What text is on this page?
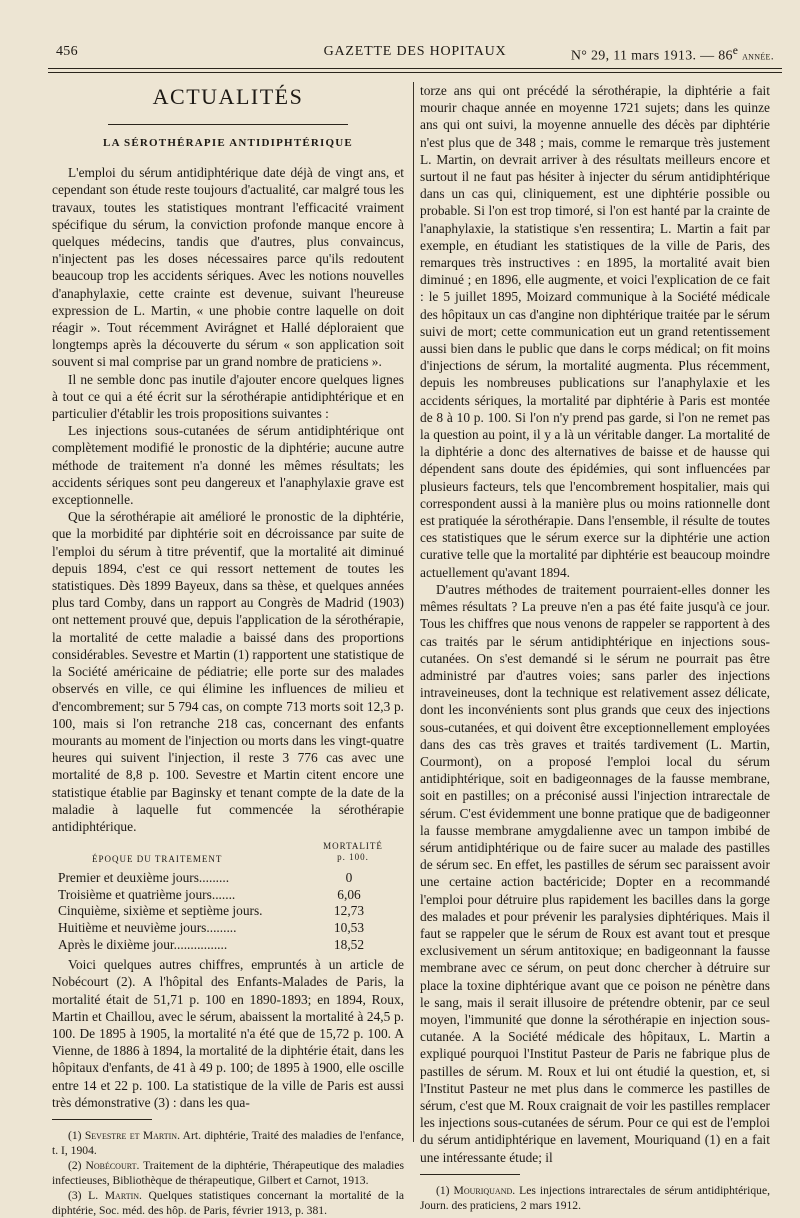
456	GAZETTE DES HOPITAUX	N° 29, 11 mars 1913. — 86e année.
ACTUALITÉS
LA SÉROTHÉRAPIE ANTIDIPHTÉRIQUE

L'emploi du sérum antidiphtérique date déjà de vingt ans, et cependant son étude reste toujours d'actualité, car malgré tous les travaux, toutes les statistiques montrant l'efficacité vraiment spécifique du sérum, la conviction profonde manque encore à quelques médecins, tandis que d'autres, plus convaincus, n'injectent pas les doses nécessaires parce qu'ils redoutent beaucoup trop les accidents sériques. Avec les notions nouvelles d'anaphylaxie, cette crainte est devenue, suivant l'heureuse expression de L. Martin, « une phobie contre laquelle on doit réagir ». Tout récemment Avirágnet et Hallé déploraient que longtemps après la découverte du sérum « son application soit souvent si mal comprise par un grand nombre de praticiens ».

Il ne semble donc pas inutile d'ajouter encore quelques lignes à tout ce qui a été écrit sur la sérothérapie antidiphtérique et en particulier d'établir les trois propositions suivantes :

Les injections sous-cutanées de sérum antidiphtérique ont complètement modifié le pronostic de la diphtérie; aucune autre méthode de traitement n'a donné les mêmes résultats; les accidents sériques sont peu dangereux et l'anaphylaxie grave est exceptionnelle.

Que la sérothérapie ait amélioré le pronostic de la diphtérie, que la morbidité par diphtérie soit en décroissance par suite de l'emploi du sérum à titre préventif, que la mortalité ait diminué depuis 1894, c'est ce qui ressort nettement de toutes les statistiques. Dès 1899 Bayeux, dans sa thèse, et quelques années plus tard Comby, dans un rapport au Congrès de Madrid (1903) ont nettement prouvé que, depuis l'application de la sérothérapie, la mortalité de cette maladie a baissé dans des proportions considérables. Sevestre et Martin (1) rapportent une statistique de la Société américaine de pédiatrie; elle porte sur des malades observés en ville, ce qui élimine les influences de milieu et d'encombrement; sur 5 794 cas, on compte 713 morts soit 12,3 p. 100, mais si l'on retranche 218 cas, concernant des enfants mourants au moment de l'injection ou morts dans les vingt-quatre heures qui suivent l'injection, il reste 3 776 cas avec une mortalité de 8,8 p. 100. Sevestre et Martin citent encore une statistique établie par Baginsky et tenant compte de la date de la maladie à laquelle fut commencée la sérothérapie antidiphtérique.

ÉPOQUE DU TRAITEMENT
MORTALITÉ
p. 100.
Premier et deuxième jours.........	0
Troisième et quatrième jours.......	6,06
Cinquième, sixième et septième jours.	12,73
Huitième et neuvième jours.........	10,53
Après le dixième jour................	18,52

Voici quelques autres chiffres, empruntés à un article de Nobécourt (2). A l'hôpital des Enfants-Malades de Paris, la mortalité était de 51,71 p. 100 en 1890-1893; en 1894, Roux, Martin et Chaillou, avec le sérum, abaissent la mortalité à 24,5 p. 100. De 1895 à 1905, la mortalité n'a été que de 15,72 p. 100. A Vienne, de 1886 à 1894, la mortalité de la diphtérie était, dans les hôpitaux d'enfants, de 41 à 49 p. 100; de 1895 à 1900, elle oscille entre 14 et 22 p. 100. La statistique de la ville de Paris est aussi très démonstrative (3) : dans les qua-

(1) Sevestre et Martin. Art. diphtérie, Traité des maladies de l'enfance, t. I, 1904.

(2) Nobécourt. Traitement de la diphtérie, Thérapeutique des maladies infectieuses, Bibliothèque de thérapeutique, Gilbert et Carnot, 1913.

(3) L. Martin. Quelques statistiques concernant la mortalité de la diphtérie, Soc. méd. des hôp. de Paris, février 1913, p. 381.

torze ans qui ont précédé la sérothérapie, la diphtérie a fait mourir chaque année en moyenne 1721 sujets; dans les quinze ans qui ont suivi, la moyenne annuelle des décès par diphtérie n'est plus que de 348 ; mais, comme le remarque très justement L. Martin, on devrait arriver à des résultats meilleurs encore et surtout il ne faut pas hésiter à injecter du sérum antidiphtérique dans un cas qui, cliniquement, est une diphtérie possible ou probable. Si l'on est trop timoré, si l'on est hanté par la crainte de l'anaphylaxie, la statistique s'en ressentira; L. Martin a fait par exemple, en étudiant les statistiques de la ville de Paris, des remarques très instructives : en 1895, la mortalité avait bien diminué ; en 1896, elle augmente, et voici l'explication de ce fait : le 5 juillet 1895, Moizard communique à la Société médicale des hôpitaux un cas d'angine non diphtérique traitée par le sérum suivi de mort; cette communication eut un grand retentissement aussi bien dans le public que dans le corps médical; on fit moins d'injections de sérum, la mortalité augmenta. Plus récemment, depuis les nombreuses publications sur l'anaphylaxie et les accidents sériques, la mortalité par diphtérie à Paris est montée de 8 à 10 p. 100. Si l'on n'y prend pas garde, si l'on ne remet pas la question au point, il y a là un véritable danger. La mortalité de la diphtérie a donc des alternatives de baisse et de hausse qui dépendent sans doute des épidémies, qui sont influencées par plusieurs facteurs, tels que l'encombrement hospitalier, mais qui correspondent aussi à la manière plus ou moins rationnelle dont est pratiquée la sérothérapie. Dans l'ensemble, il résulte de toutes ces statistiques que le sérum exerce sur la diphtérie une action curative telle que la mortalité par diphtérie est beaucoup moindre actuellement qu'avant 1894.

D'autres méthodes de traitement pourraient-elles donner les mêmes résultats ? La preuve n'en a pas été faite jusqu'à ce jour. Tous les chiffres que nous venons de rappeler se rapportent à des cas traités par le sérum antidiphtérique en injections sous-cutanées. On s'est demandé si le sérum ne pourrait pas être administré par d'autres voies; sans parler des injections intraveineuses, dont la technique est relativement assez délicate, dont les inconvénients sont plus grands que ceux des injections sous-cutanées, et qui doivent être exceptionnellement employées dans des cas très graves et traités tardivement (L. Martin, Courmont), on a proposé l'emploi local du sérum antidiphtérique, soit en badigeonnages de la fausse membrane, soit en pastilles; on a préconisé aussi l'injection intrarectale de sérum. C'est évidemment une bonne pratique que de badigeonner la fausse membrane amygdalienne avec un tampon imbibé de sérum antidiphtérique ou de faire sucer au malade des pastilles de sérum sec. En effet, les pastilles de sérum sec paraissent avoir une certaine action bactéricide; Dopter en a recommandé l'emploi pour détruire plus rapidement les bacilles dans la gorge des malades et pour prévenir les paralysies diphtériques. Mais il faut se rappeler que le sérum de Roux est avant tout et presque exclusivement un sérum antitoxique; en badigeonnant la fausse membrane avec ce sérum, on peut donc chercher à détruire sur place la toxine diphtérique avant que ce poison ne pénètre dans le sang, mais il serait illusoire de prétendre obtenir, par ce seul moyen, l'immunité que donne la sérothérapie en injection sous-cutanée. A la Société médicale des hôpitaux, L. Martin a expliqué pourquoi l'Institut Pasteur de Paris ne fabrique plus de pastilles de sérum. M. Roux et lui ont étudié la question, et, si l'Institut Pasteur ne met plus dans le commerce les pastilles de sérum, c'est que M. Roux craignait de voir les pastilles remplacer les injections sous-cutanées de sérum. Pour ce qui est de l'emploi du sérum antidiphtérique en lavement, Mouriquand (1) en a fait une intéressante étude; il

(1) Mouriquand. Les injections intrarectales de sérum antidiphtérique, Journ. des praticiens, 2 mars 1912.
